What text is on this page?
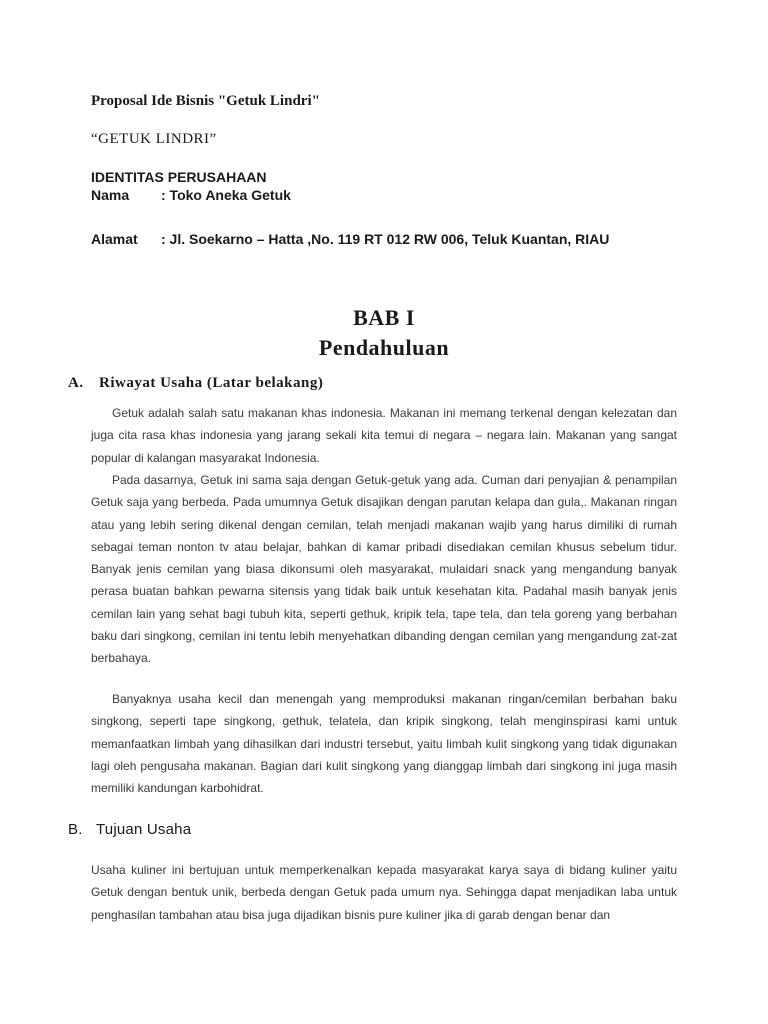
Proposal Ide Bisnis "Getuk Lindri"
“GETUK LINDRI”
IDENTITAS PERUSAHAAN
Nama	: Toko Aneka Getuk
Alamat	: Jl. Soekarno – Hatta ,No. 119 RT 012 RW 006, Teluk Kuantan, RIAU
BAB I
Pendahuluan
A. Riwayat Usaha (Latar belakang)

Getuk adalah salah satu makanan khas indonesia. Makanan ini memang terkenal dengan kelezatan dan juga cita rasa khas indonesia yang jarang sekali kita temui di negara – negara lain. Makanan yang sangat popular di kalangan masyarakat Indonesia.

Pada dasarnya, Getuk ini sama saja dengan Getuk-getuk yang ada. Cuman dari penyajian & penampilan Getuk saja yang berbeda. Pada umumnya Getuk disajikan dengan parutan kelapa dan gula,. Makanan ringan atau yang lebih sering dikenal dengan cemilan, telah menjadi makanan wajib yang harus dimiliki di rumah sebagai teman nonton tv atau belajar, bahkan di kamar pribadi disediakan cemilan khusus sebelum tidur. Banyak jenis cemilan yang biasa dikonsumi oleh masyarakat, mulaidari snack yang mengandung banyak perasa buatan bahkan pewarna sitensis yang tidak baik untuk kesehatan kita. Padahal masih banyak jenis cemilan lain yang sehat bagi tubuh kita, seperti gethuk, kripik tela, tape tela, dan tela goreng yang berbahan baku dari singkong, cemilan ini tentu lebih menyehatkan dibanding dengan cemilan yang mengandung zat-zat berbahaya.

Banyaknya usaha kecil dan menengah yang memproduksi makanan ringan/cemilan berbahan baku singkong, seperti tape singkong, gethuk, telatela, dan kripik singkong, telah menginspirasi kami untuk memanfaatkan limbah yang dihasilkan dari industri tersebut, yaitu limbah kulit singkong yang tidak digunakan lagi oleh pengusaha makanan. Bagian dari kulit singkong yang dianggap limbah dari singkong ini juga masih memiliki kandungan karbohidrat.

B. Tujuan Usaha

Usaha kuliner ini bertujuan untuk memperkenalkan kepada masyarakat karya saya di bidang kuliner yaitu Getuk dengan bentuk unik, berbeda dengan Getuk pada umum nya. Sehingga dapat menjadikan laba untuk penghasilan tambahan atau bisa juga dijadikan bisnis pure kuliner jika di garab dengan benar dan
